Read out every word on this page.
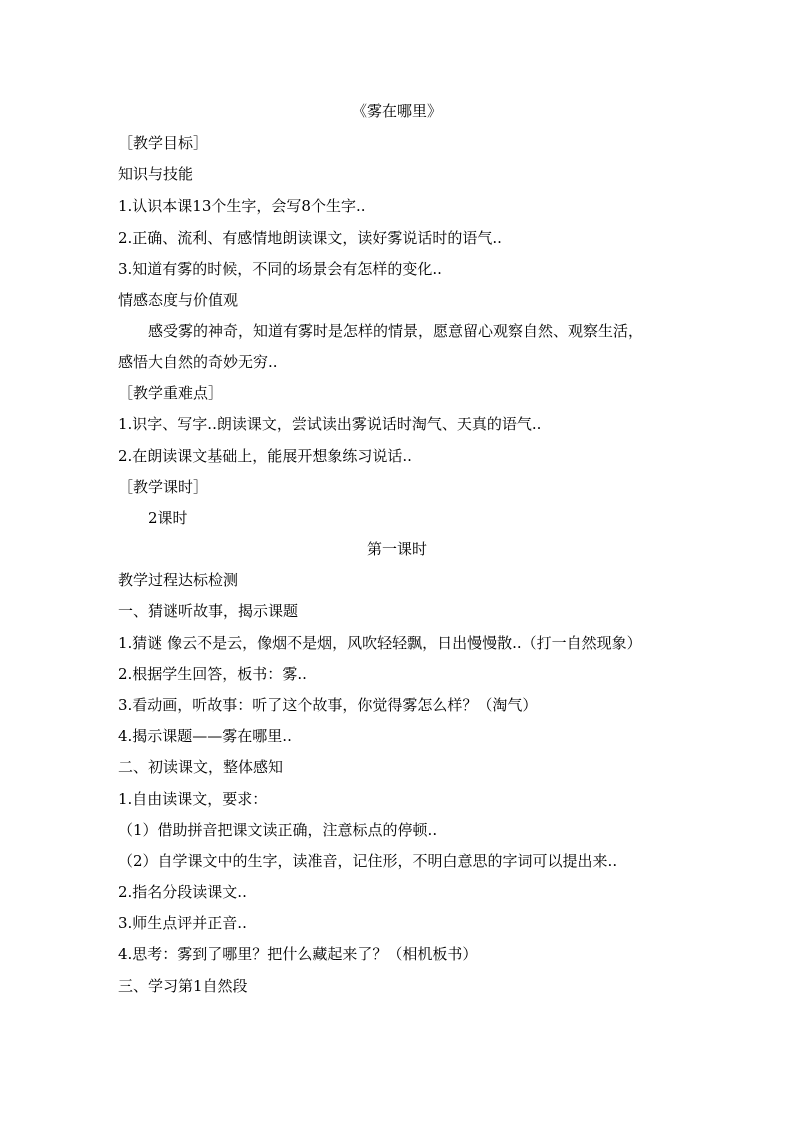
《雾在哪里》
［教学目标］
知识与技能
1.认识本课13个生字，会写8个生字..
2.正确、流利、有感情地朗读课文，读好雾说话时的语气..
3.知道有雾的时候，不同的场景会有怎样的变化..
情感态度与价值观
感受雾的神奇，知道有雾时是怎样的情景，愿意留心观察自然、观察生活，
感悟大自然的奇妙无穷..
［教学重难点］
1.识字、写字..朗读课文，尝试读出雾说话时淘气、天真的语气..
2.在朗读课文基础上，能展开想象练习说话..
［教学课时］
2课时
第一课时
教学过程达标检测
一、猜谜听故事，揭示课题
1.猜谜 像云不是云，像烟不是烟，风吹轻轻飘，日出慢慢散..（打一自然现象）
2.根据学生回答，板书：雾..
3.看动画，听故事：听了这个故事，你觉得雾怎么样？（淘气）
4.揭示课题——雾在哪里..
二、初读课文，整体感知
1.自由读课文，要求：
（1）借助拼音把课文读正确，注意标点的停顿..
（2）自学课文中的生字，读准音，记住形，不明白意思的字词可以提出来..
2.指名分段读课文..
3.师生点评并正音..
4.思考：雾到了哪里？把什么藏起来了？（相机板书）
三、学习第1自然段
